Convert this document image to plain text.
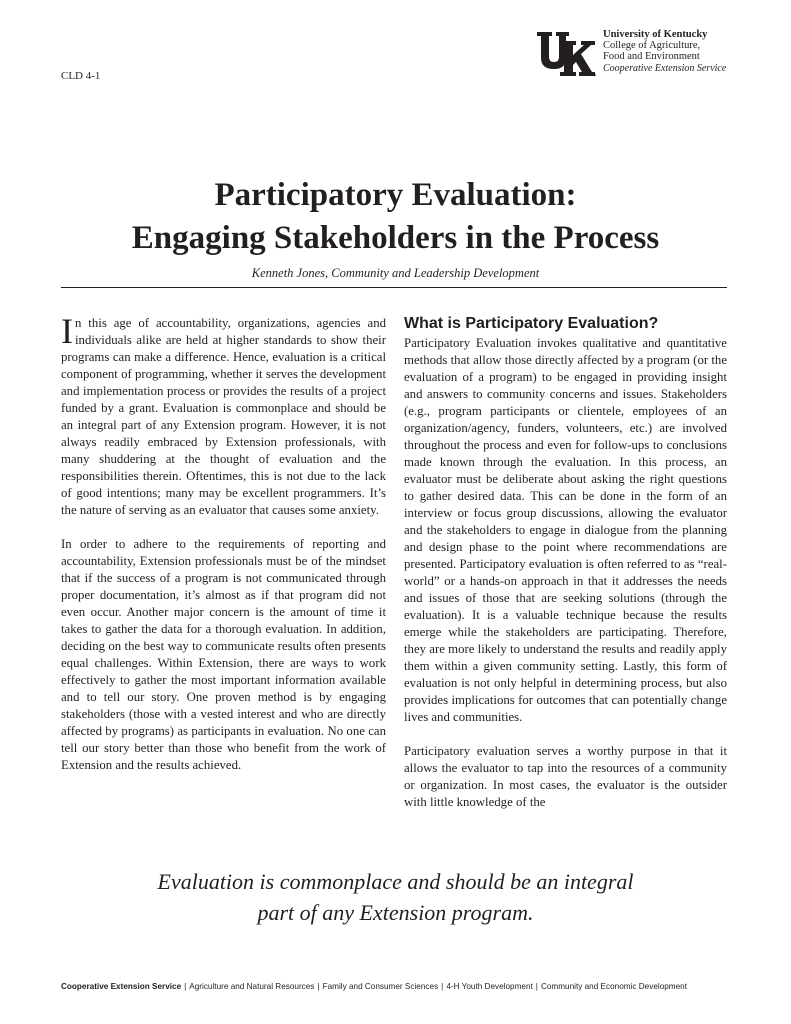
CLD 4-1
University of Kentucky
College of Agriculture,
Food and Environment
Cooperative Extension Service
Participatory Evaluation:
Engaging Stakeholders in the Process
Kenneth Jones, Community and Leadership Development

In this age of accountability, organizations, agencies and individuals alike are held at higher standards to show their programs can make a difference. Hence, evaluation is a critical component of programming, whether it serves the development and implementation process or provides the results of a project funded by a grant. Evaluation is commonplace and should be an integral part of any Extension program. However, it is not always readily embraced by Extension professionals, with many shuddering at the thought of evaluation and the responsibilities therein. Oftentimes, this is not due to the lack of good intentions; many may be excellent programmers. It’s the nature of serving as an evaluator that causes some anxiety.

In order to adhere to the requirements of reporting and accountability, Extension professionals must be of the mindset that if the success of a program is not communicated through proper documentation, it’s almost as if that program did not even occur. Another major concern is the amount of time it takes to gather the data for a thorough evaluation. In addition, deciding on the best way to communicate results often presents equal challenges. Within Extension, there are ways to work effectively to gather the most important information available and to tell our story. One proven method is by engaging stakeholders (those with a vested interest and who are directly affected by programs) as participants in evaluation. No one can tell our story better than those who benefit from the work of Extension and the results achieved.

What is Participatory Evaluation?

Participatory Evaluation invokes qualitative and quantitative methods that allow those directly affected by a program (or the evaluation of a program) to be engaged in providing insight and answers to community concerns and issues. Stakeholders (e.g., program participants or clientele, employees of an organization/agency, funders, volunteers, etc.) are involved throughout the process and even for follow-ups to conclusions made known through the evaluation. In this process, an evaluator must be deliberate about asking the right questions to gather desired data. This can be done in the form of an interview or focus group discussions, allowing the evaluator and the stakeholders to engage in dialogue from the planning and design phase to the point where recommendations are presented. Participatory evaluation is often referred to as “real-world” or a hands-on approach in that it addresses the needs and issues of those that are seeking solutions (through the evaluation). It is a valuable technique because the results emerge while the stakeholders are participating. Therefore, they are more likely to understand the results and readily apply them within a given community setting. Lastly, this form of evaluation is not only helpful in determining process, but also provides implications for outcomes that can potentially change lives and communities.

Participatory evaluation serves a worthy purpose in that it allows the evaluator to tap into the resources of a community or organization. In most cases, the evaluator is the outsider with little knowledge of the

Evaluation is commonplace and should be an integral
part of any Extension program.
Cooperative Extension Service | Agriculture and Natural Resources | Family and Consumer Sciences | 4-H Youth Development | Community and Economic Development
